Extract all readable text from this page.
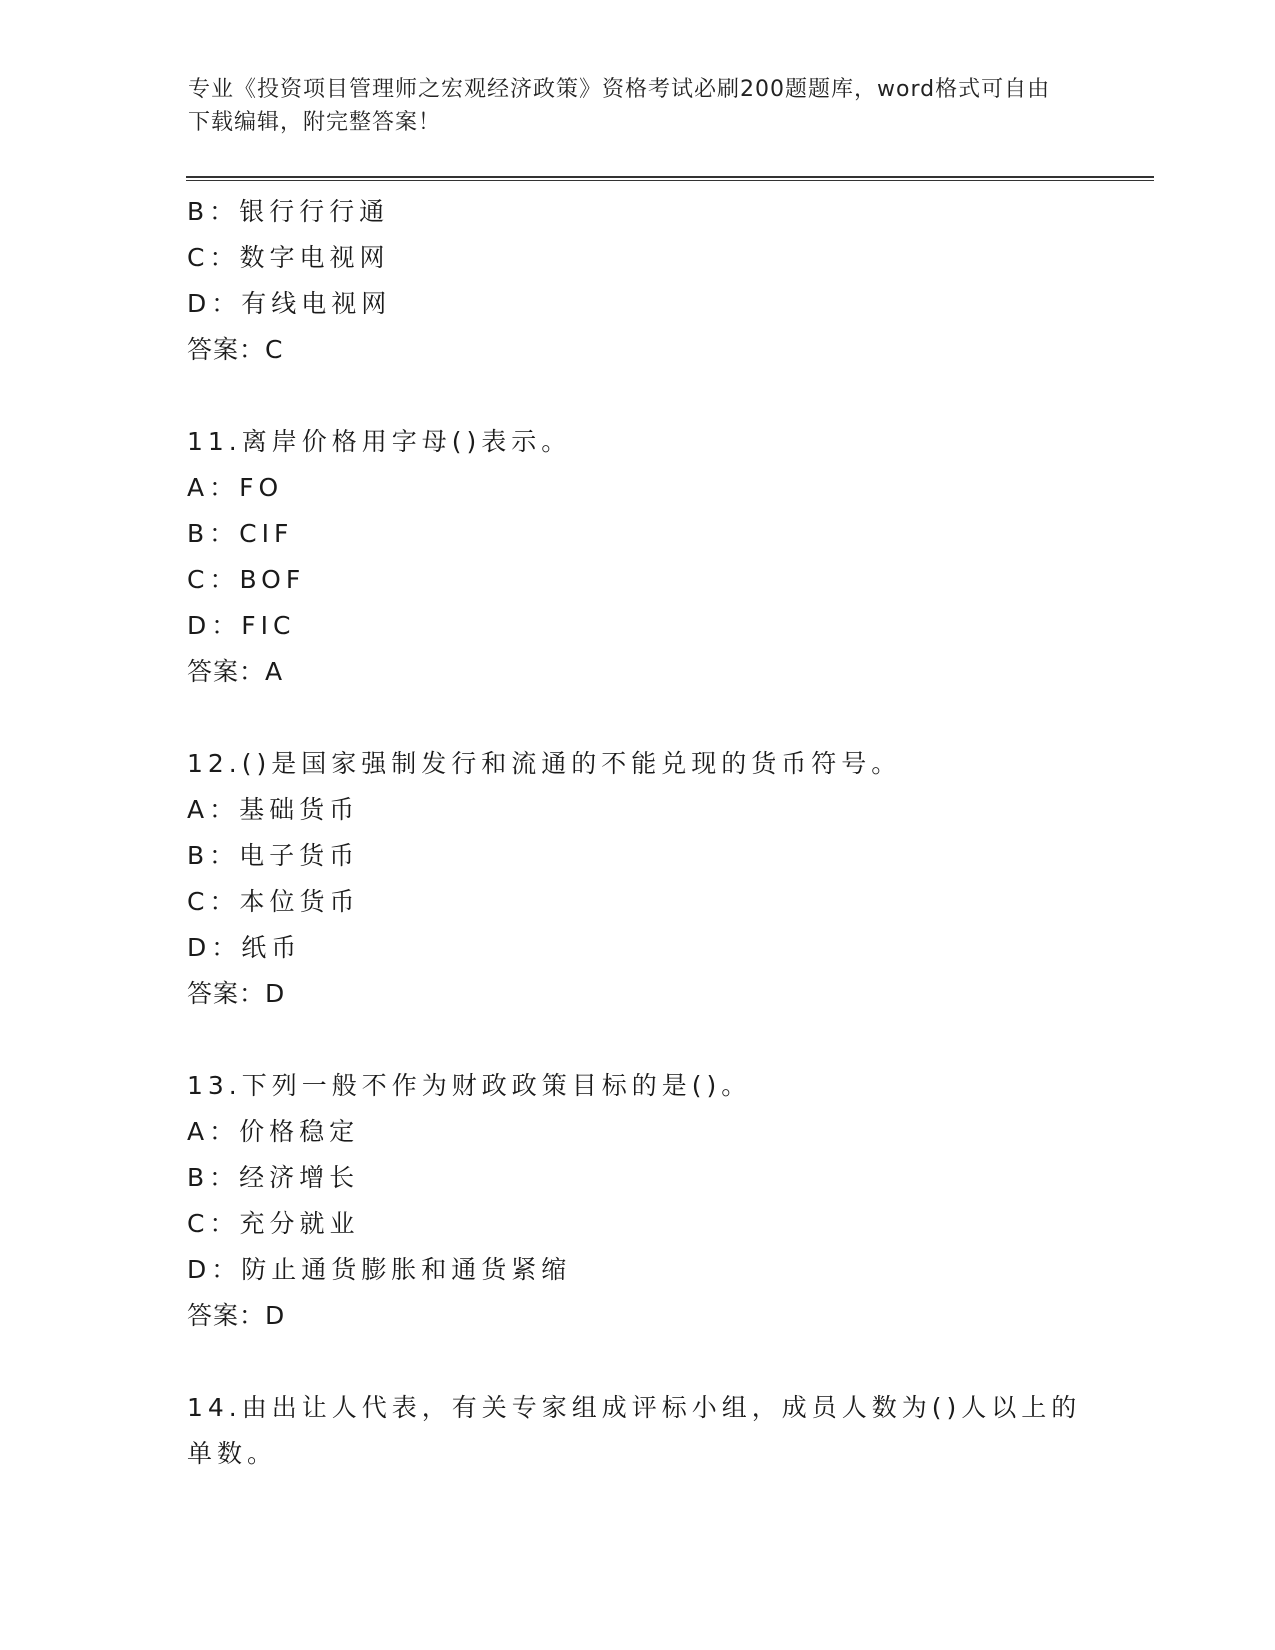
专业《投资项目管理师之宏观经济政策》资格考试必刷200题题库，word格式可自由下载编辑，附完整答案！
B：银行行行通
C：数字电视网
D：有线电视网
答案：C
11.离岸价格用字母()表示。
A：FO
B：CIF
C：BOF
D：FIC
答案：A
12.()是国家强制发行和流通的不能兑现的货币符号。
A：基础货币
B：电子货币
C：本位货币
D：纸币
答案：D
13.下列一般不作为财政政策目标的是()。
A：价格稳定
B：经济增长
C：充分就业
D：防止通货膨胀和通货紧缩
答案：D
14.由出让人代表，有关专家组成评标小组，成员人数为()人以上的单数。
